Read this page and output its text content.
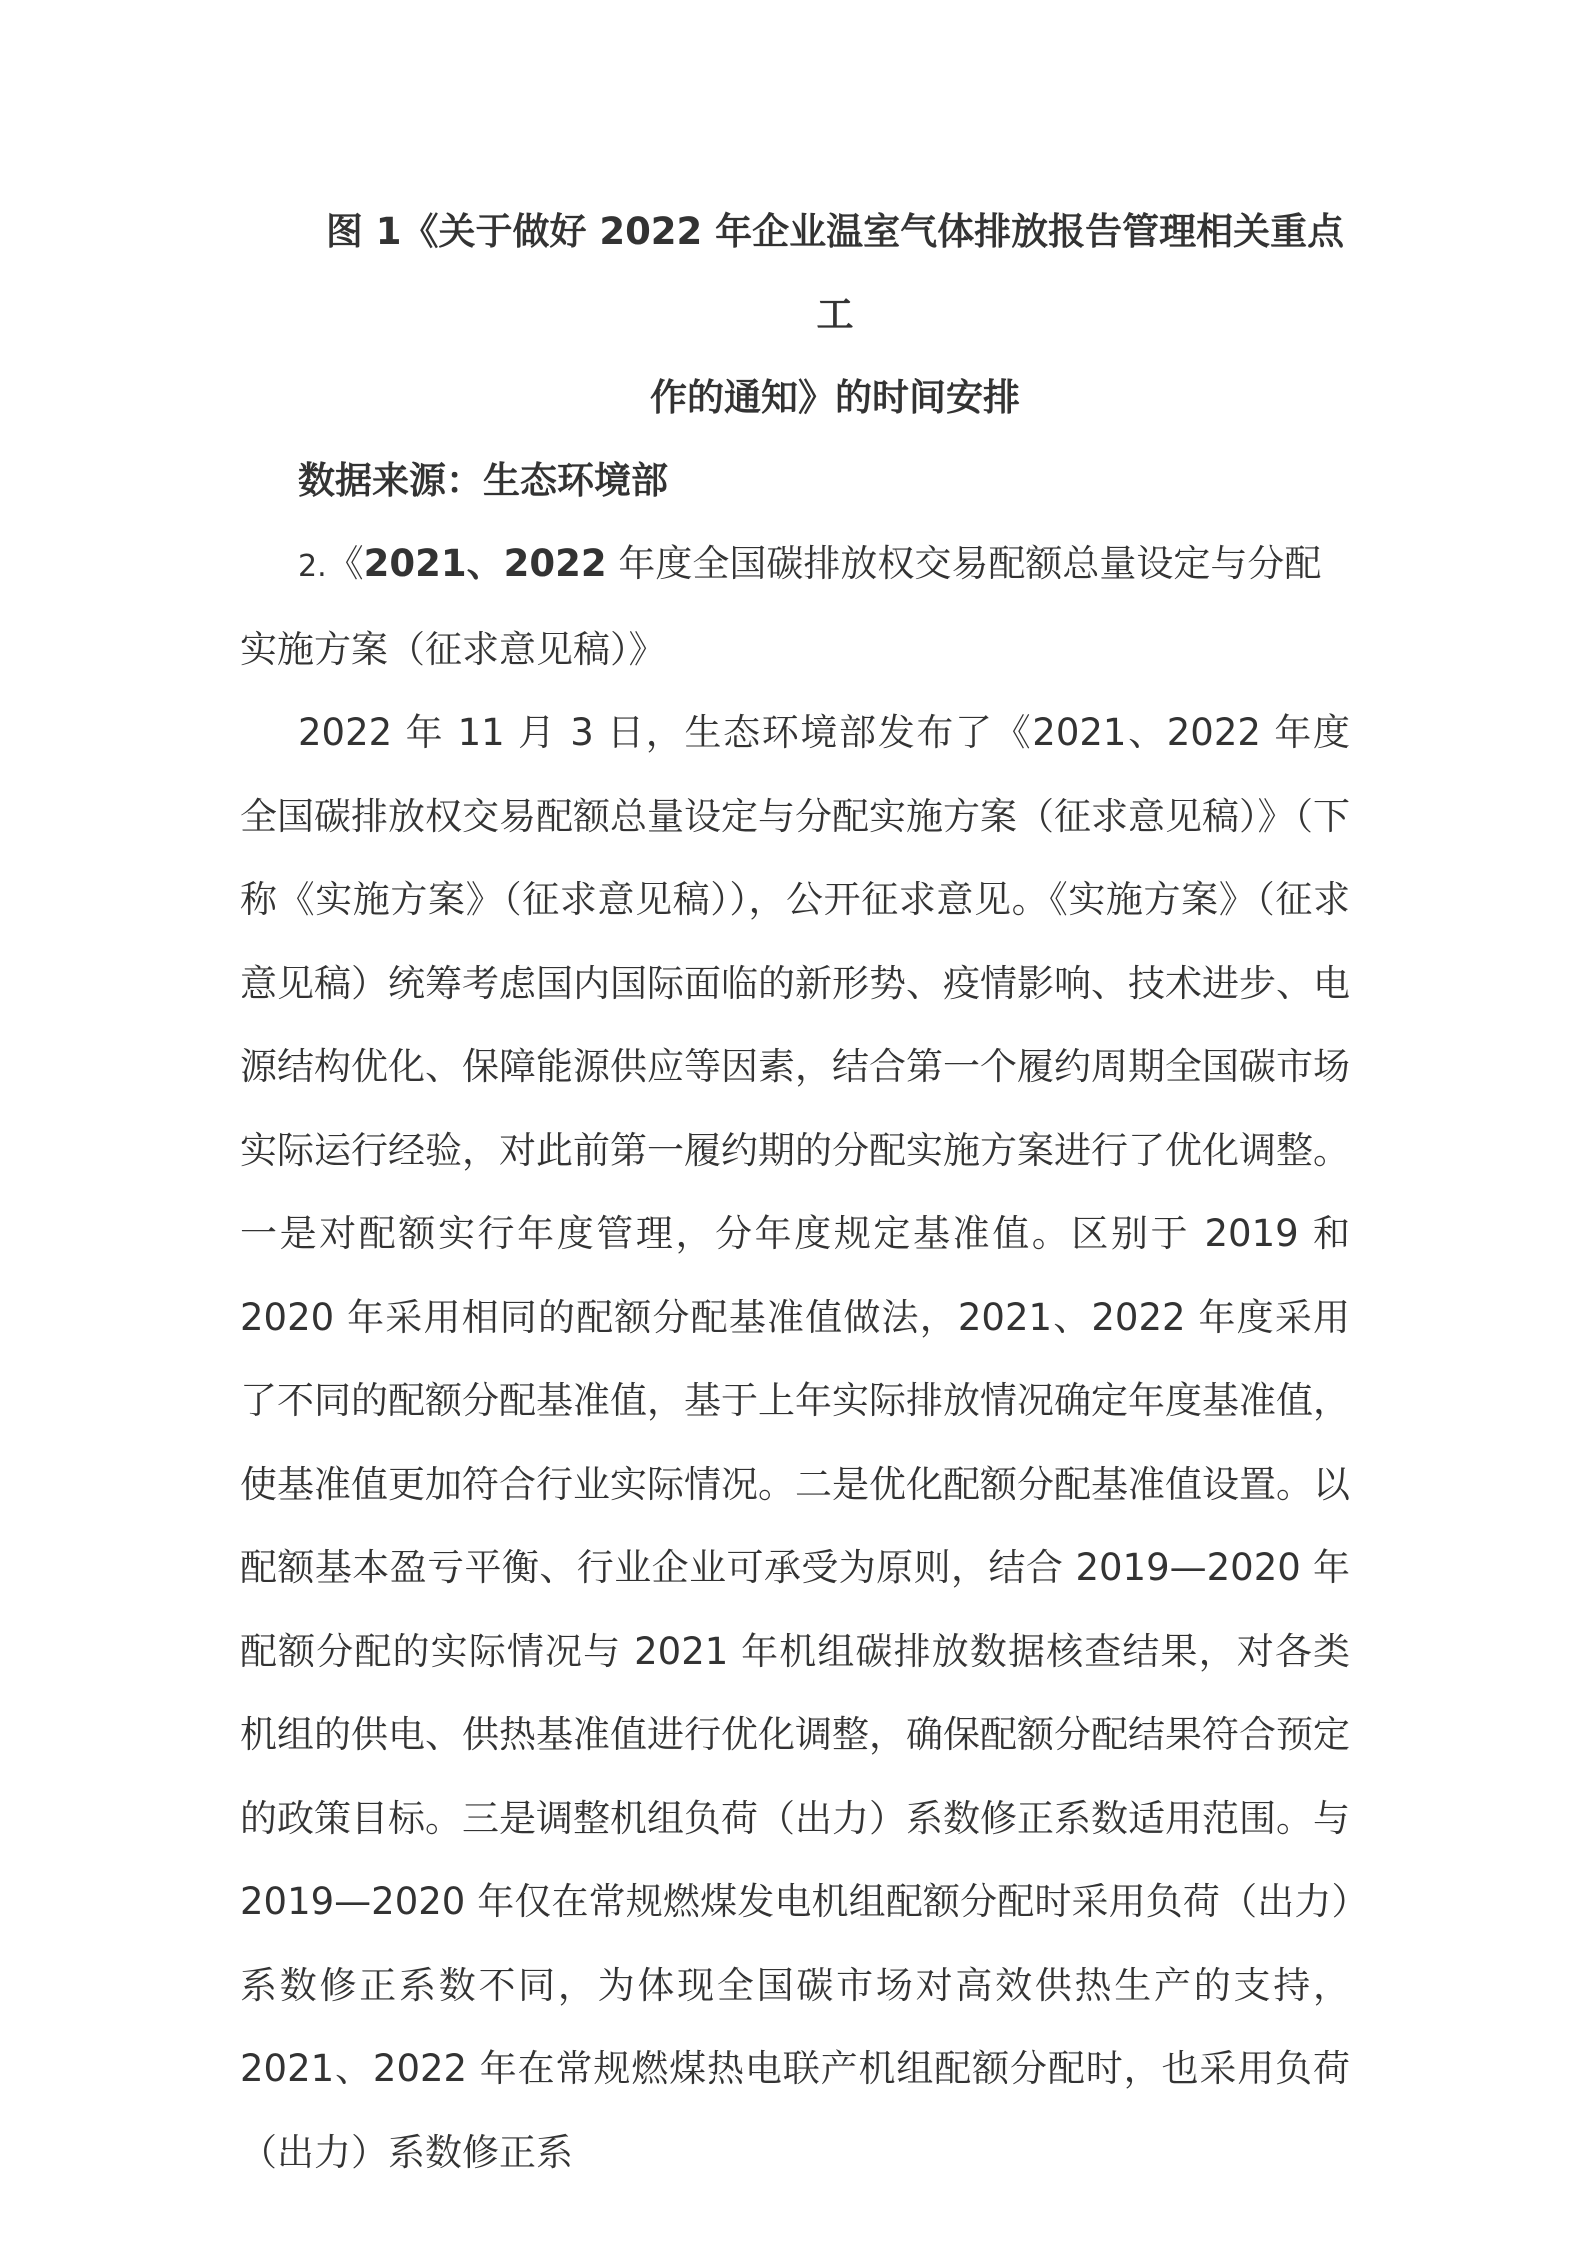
图 1《关于做好 2022 年企业温室气体排放报告管理相关重点工
作的通知》的时间安排

数据来源：生态环境部

2.《2021、2022 年度全国碳排放权交易配额总量设定与分配实施方案（征求意见稿）》

2022 年 11 月 3 日，生态环境部发布了《2021、2022 年度全国碳排放权交易配额总量设定与分配实施方案（征求意见稿）》（下称《实施方案》（征求意见稿）），公开征求意见。《实施方案》（征求意见稿）统筹考虑国内国际面临的新形势、疫情影响、技术进步、电源结构优化、保障能源供应等因素，结合第一个履约周期全国碳市场实际运行经验，对此前第一履约期的分配实施方案进行了优化调整。一是对配额实行年度管理，分年度规定基准值。区别于 2019 和 2020 年采用相同的配额分配基准值做法，2021、2022 年度采用了不同的配额分配基准值，基于上年实际排放情况确定年度基准值，使基准值更加符合行业实际情况。二是优化配额分配基准值设置。以配额基本盈亏平衡、行业企业可承受为原则，结合 2019—2020 年配额分配的实际情况与 2021 年机组碳排放数据核查结果，对各类机组的供电、供热基准值进行优化调整，确保配额分配结果符合预定的政策目标。三是调整机组负荷（出力）系数修正系数适用范围。与 2019—2020 年仅在常规燃煤发电机组配额分配时采用负荷（出力）系数修正系数不同，为体现全国碳市场对高效供热生产的支持，2021、2022 年在常规燃煤热电联产机组配额分配时，也采用负荷（出力）系数修正系
